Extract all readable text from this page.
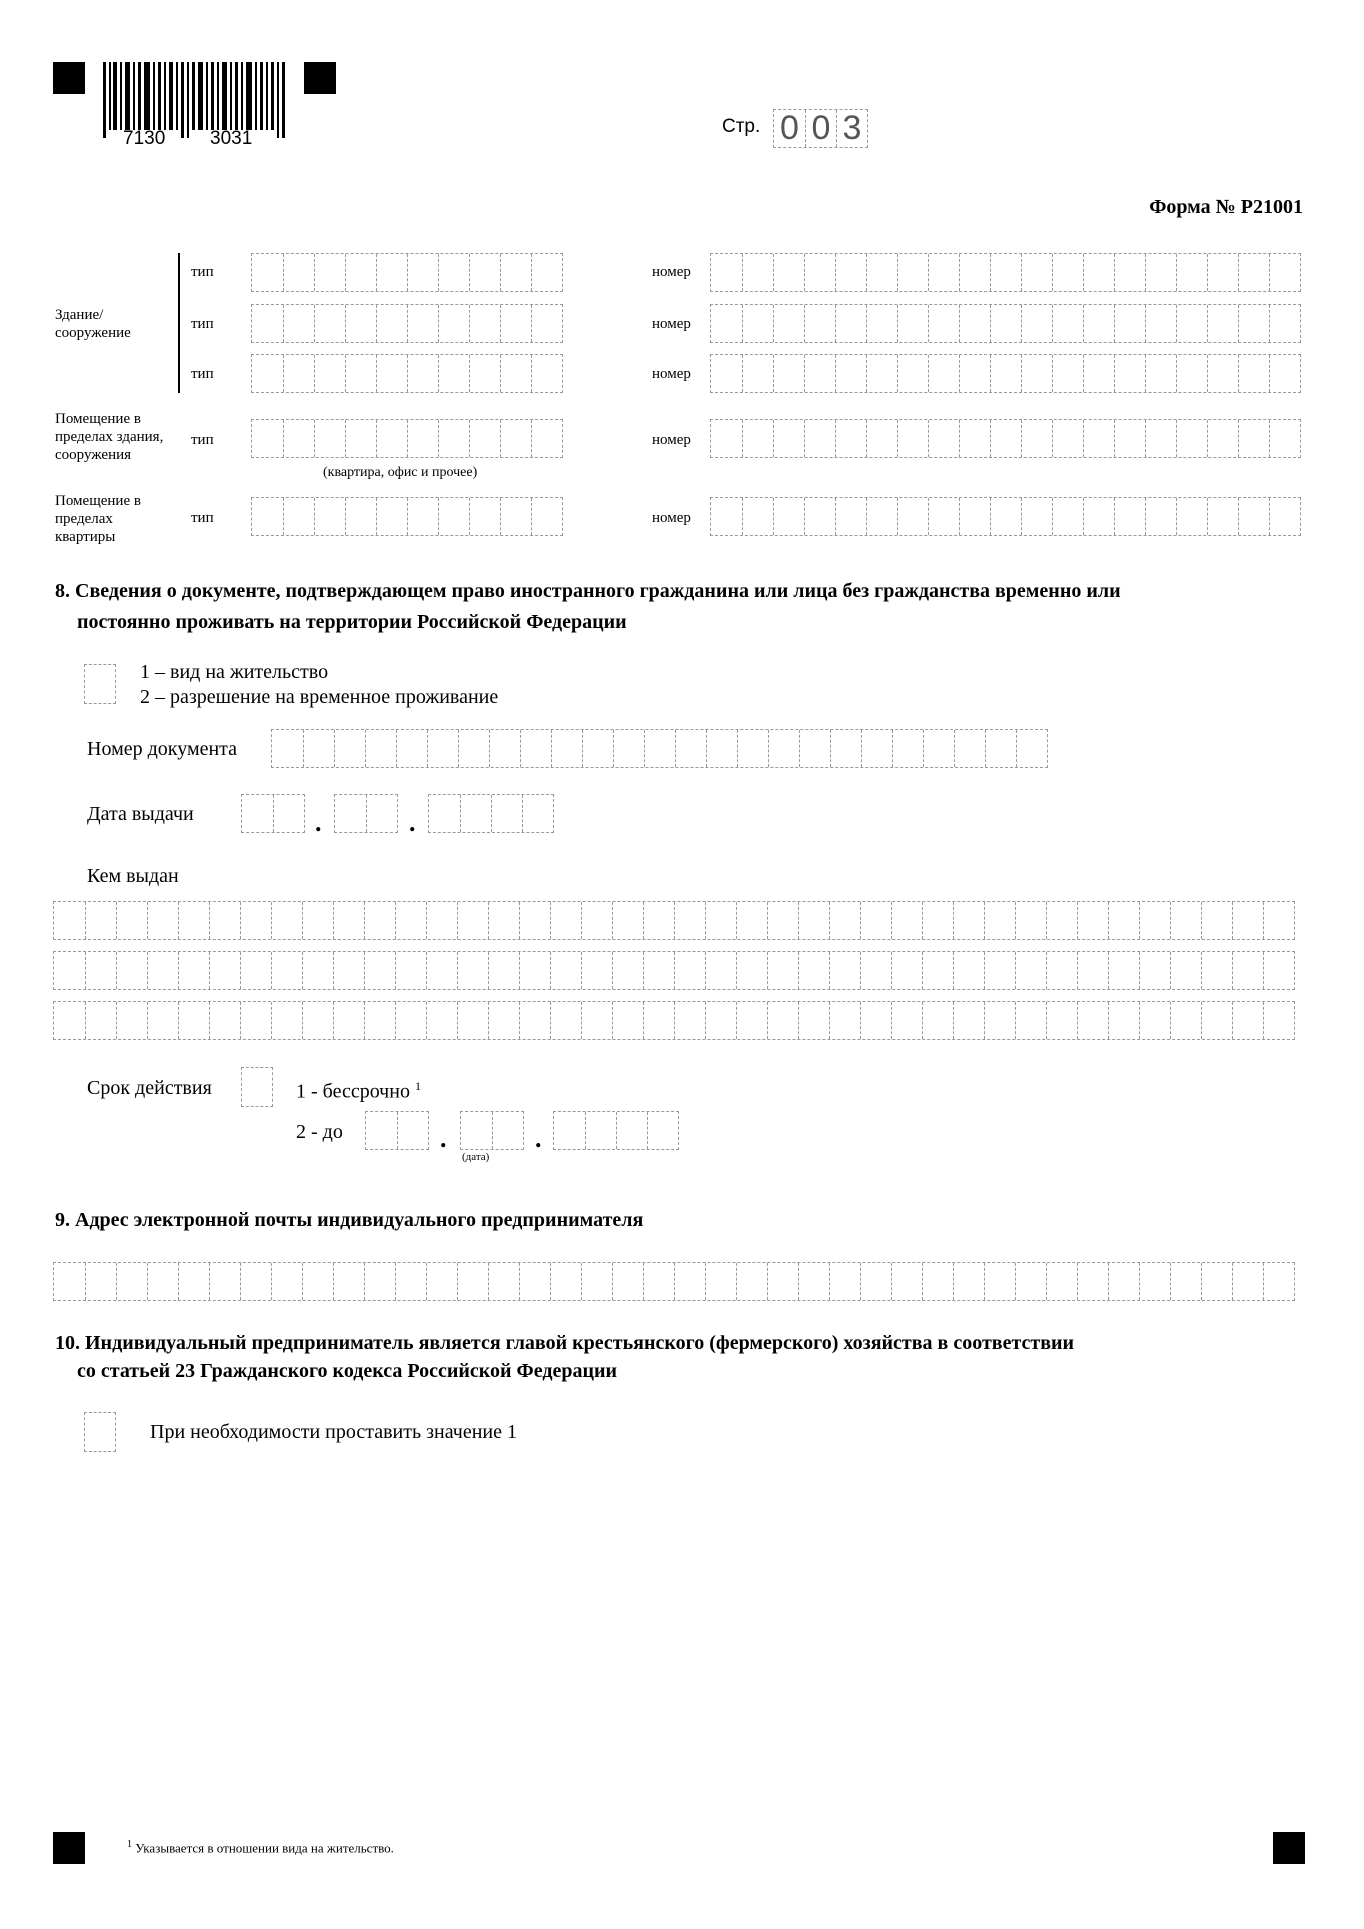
7130 3031
Стр. 0 0 3
Форма № Р21001
Здание/ сооружение
тип	номер
тип	номер
тип	номер
Помещение в пределах здания, сооружения
тип
(квартира, офис и прочее)
номер
Помещение в пределах квартиры
тип	номер
8. Сведения о документе, подтверждающем право иностранного гражданина или лица без гражданства временно или
постоянно проживать на территории Российской Федерации
1 – вид на жительство
2 – разрешение на временное проживание
Номер документа
Дата выдачи	.	.
Кем выдан
Срок действия	1 - бессрочно $^1$
2 - до	.
(дата)
.
9. Адрес электронной почты индивидуального предпринимателя
10. Индивидуальный предприниматель является главой крестьянского (фермерского) хозяйства в соответствии
со статьей 23 Гражданского кодекса Российской Федерации
При необходимости проставить значение 1
$^1$ Указывается в отношении вида на жительство.
